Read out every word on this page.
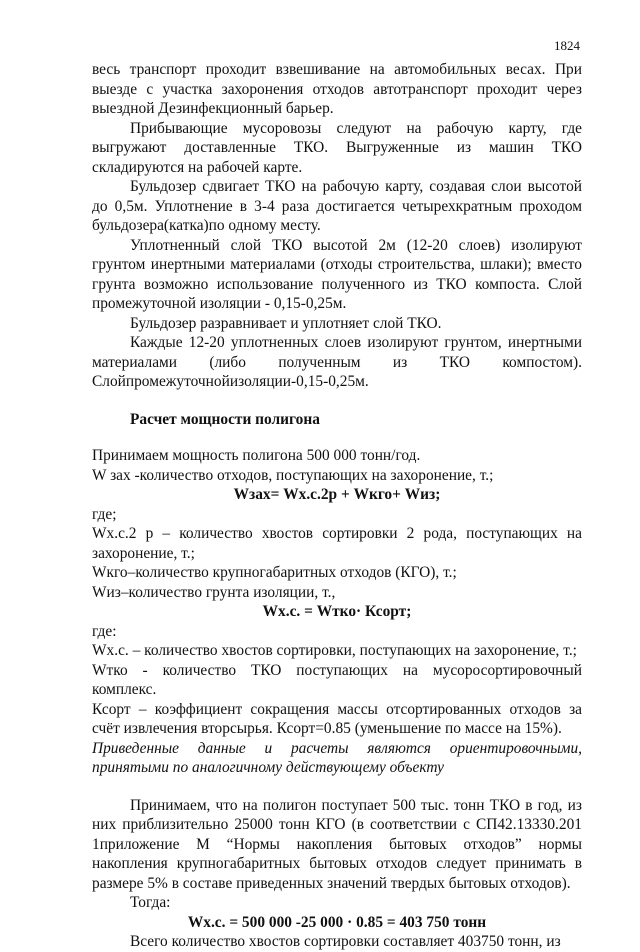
1824

весь транспорт проходит взвешивание на автомобильных весах. При выезде с участка захоронения отходов автотранспорт проходит через выездной Дезинфекционный барьер.

Прибывающие мусоровозы следуют на рабочую карту, где выгружают доставленные ТКО. Выгруженные из машин ТКО складируются на рабочей карте.

Бульдозер сдвигает ТКО на рабочую карту, создавая слои высотой до 0,5м. Уплотнение в 3-4 раза достигается четырехкратным проходом бульдозера(катка)по одному месту.

Уплотненный слой ТКО высотой 2м (12-20 слоев) изолируют грунтом инертными материалами (отходы строительства, шлаки); вместо грунта возможно использование полученного из ТКО компоста. Слой промежуточной изоляции - 0,15-0,25м.

Бульдозер разравнивает и уплотняет слой ТКО.

Каждые 12-20 уплотненных слоев изолируют грунтом, инертными материалами (либо полученным из ТКО компостом). Слойпромежуточнойизоляции-0,15-0,25м.

Расчет мощности полигона

Принимаем мощность полигона 500 000 тонн/год.

W зах -количество отходов, поступающих на захоронение, т.;

Wзах= Wх.с.2р + Wкго+ Wиз;

где;

Wх.с.2 р – количество хвостов сортировки 2 рода, поступающих на захоронение, т.;

Wкго–количество крупногабаритных отходов (КГО), т.;

Wиз–количество грунта изоляции, т.,

Wх.с. = Wтко· Ксорт;

где:

Wх.с. – количество хвостов сортировки, поступающих на захоронение, т.;

Wтко - количество ТКО поступающих на мусоросортировочный комплекс.

Ксорт – коэффициент сокращения массы отсортированных отходов за счёт извлечения вторсырья. Ксорт=0.85 (уменьшение по массе на 15%).

Приведенные данные и расчеты являются ориентировочными, принятыми по аналогичному действующему объекту

Принимаем, что на полигон поступает 500 тыс. тонн ТКО в год, из них приблизительно 25000 тонн КГО (в соответствии с СП42.13330.201 1приложение М “Нормы накопления бытовых отходов” нормы накопления крупногабаритных бытовых отходов следует принимать в размере 5% в составе приведенных значений твердых бытовых отходов).

Тогда:

Wх.с. = 500 000 -25 000 · 0.85 = 403 750 тонн

Всего количество хвостов сортировки составляет 403750 тонн, из
